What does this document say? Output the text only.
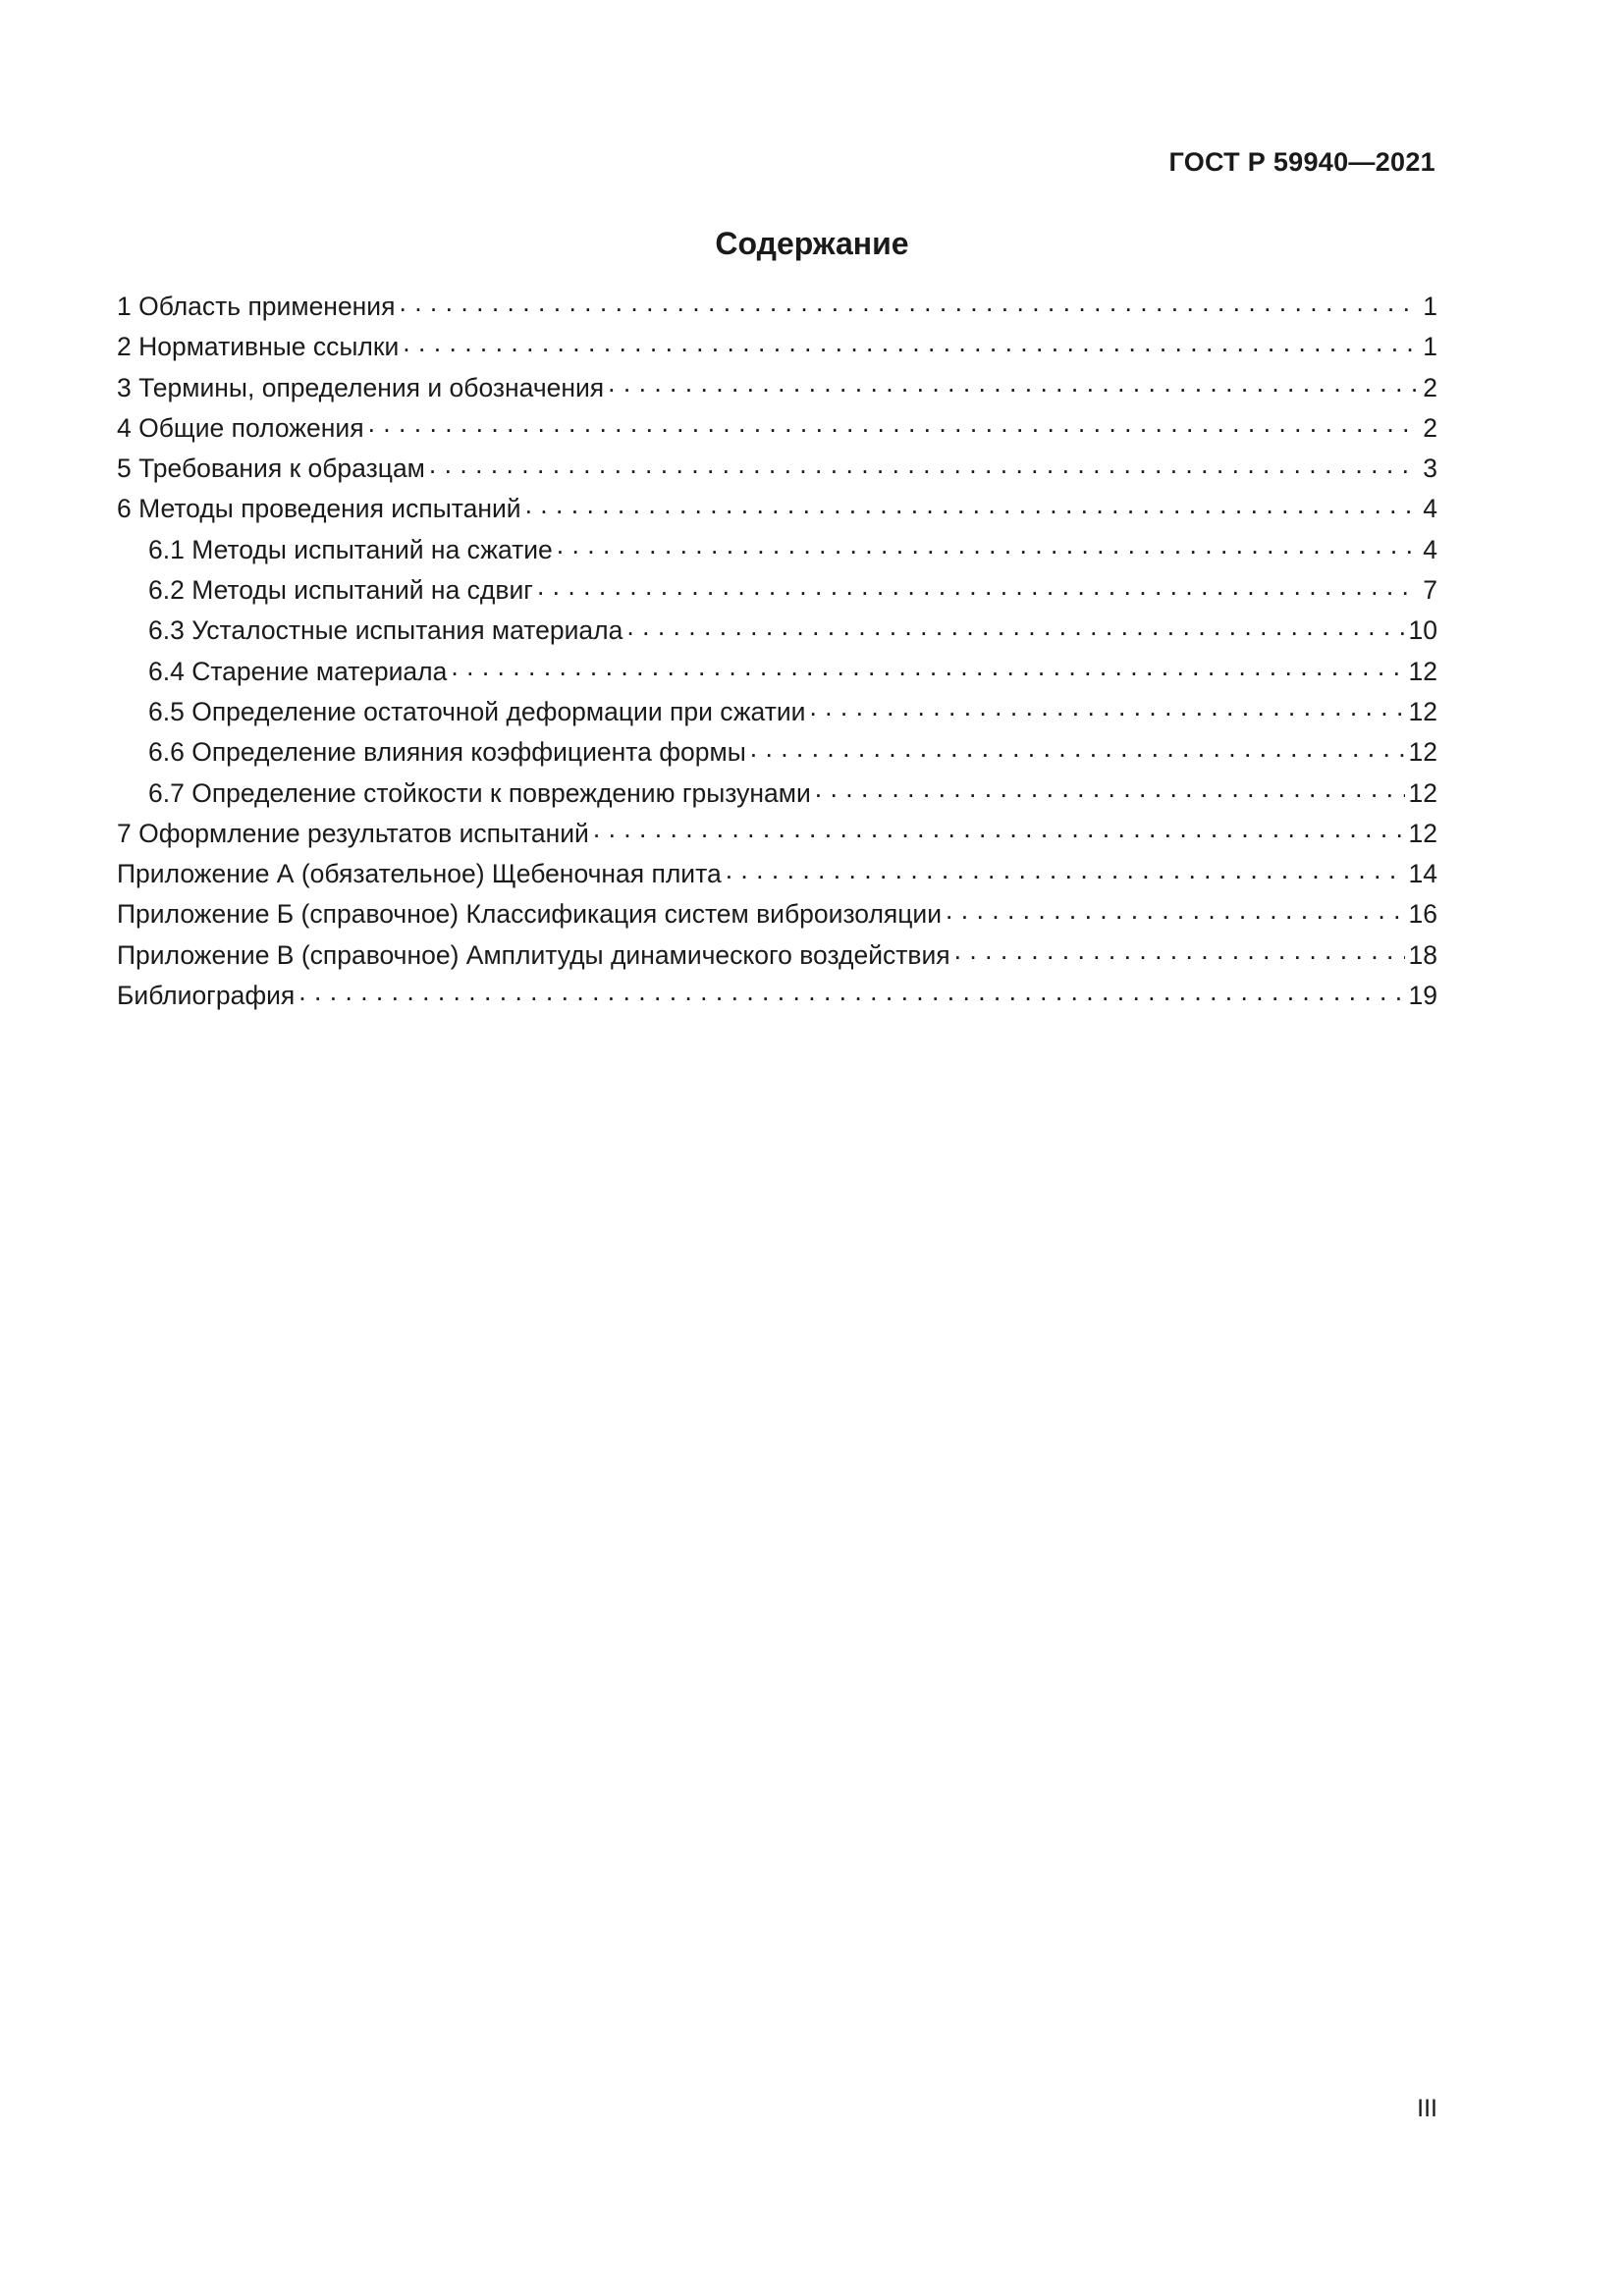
ГОСТ Р 59940—2021
Содержание
1 Область применения . . .	1
2 Нормативные ссылки . . .	1
3 Термины, определения и обозначения . . .	2
4 Общие положения . . .	2
5 Требования к образцам . . .	3
6 Методы проведения испытаний . . .	4
6.1 Методы испытаний на сжатие . . .	4
6.2 Методы испытаний на сдвиг . . .	7
6.3 Усталостные испытания материала . . .	10
6.4 Старение материала . . .	12
6.5 Определение остаточной деформации при сжатии . . .	12
6.6 Определение влияния коэффициента формы . . .	12
6.7 Определение стойкости к повреждению грызунами . . .	12
7 Оформление результатов испытаний . . .	12
Приложение А (обязательное) Щебеночная плита . . .	14
Приложение Б (справочное) Классификация систем виброизоляции . . .	16
Приложение В (справочное) Амплитуды динамического воздействия . . .	18
Библиография . . .	19
III
